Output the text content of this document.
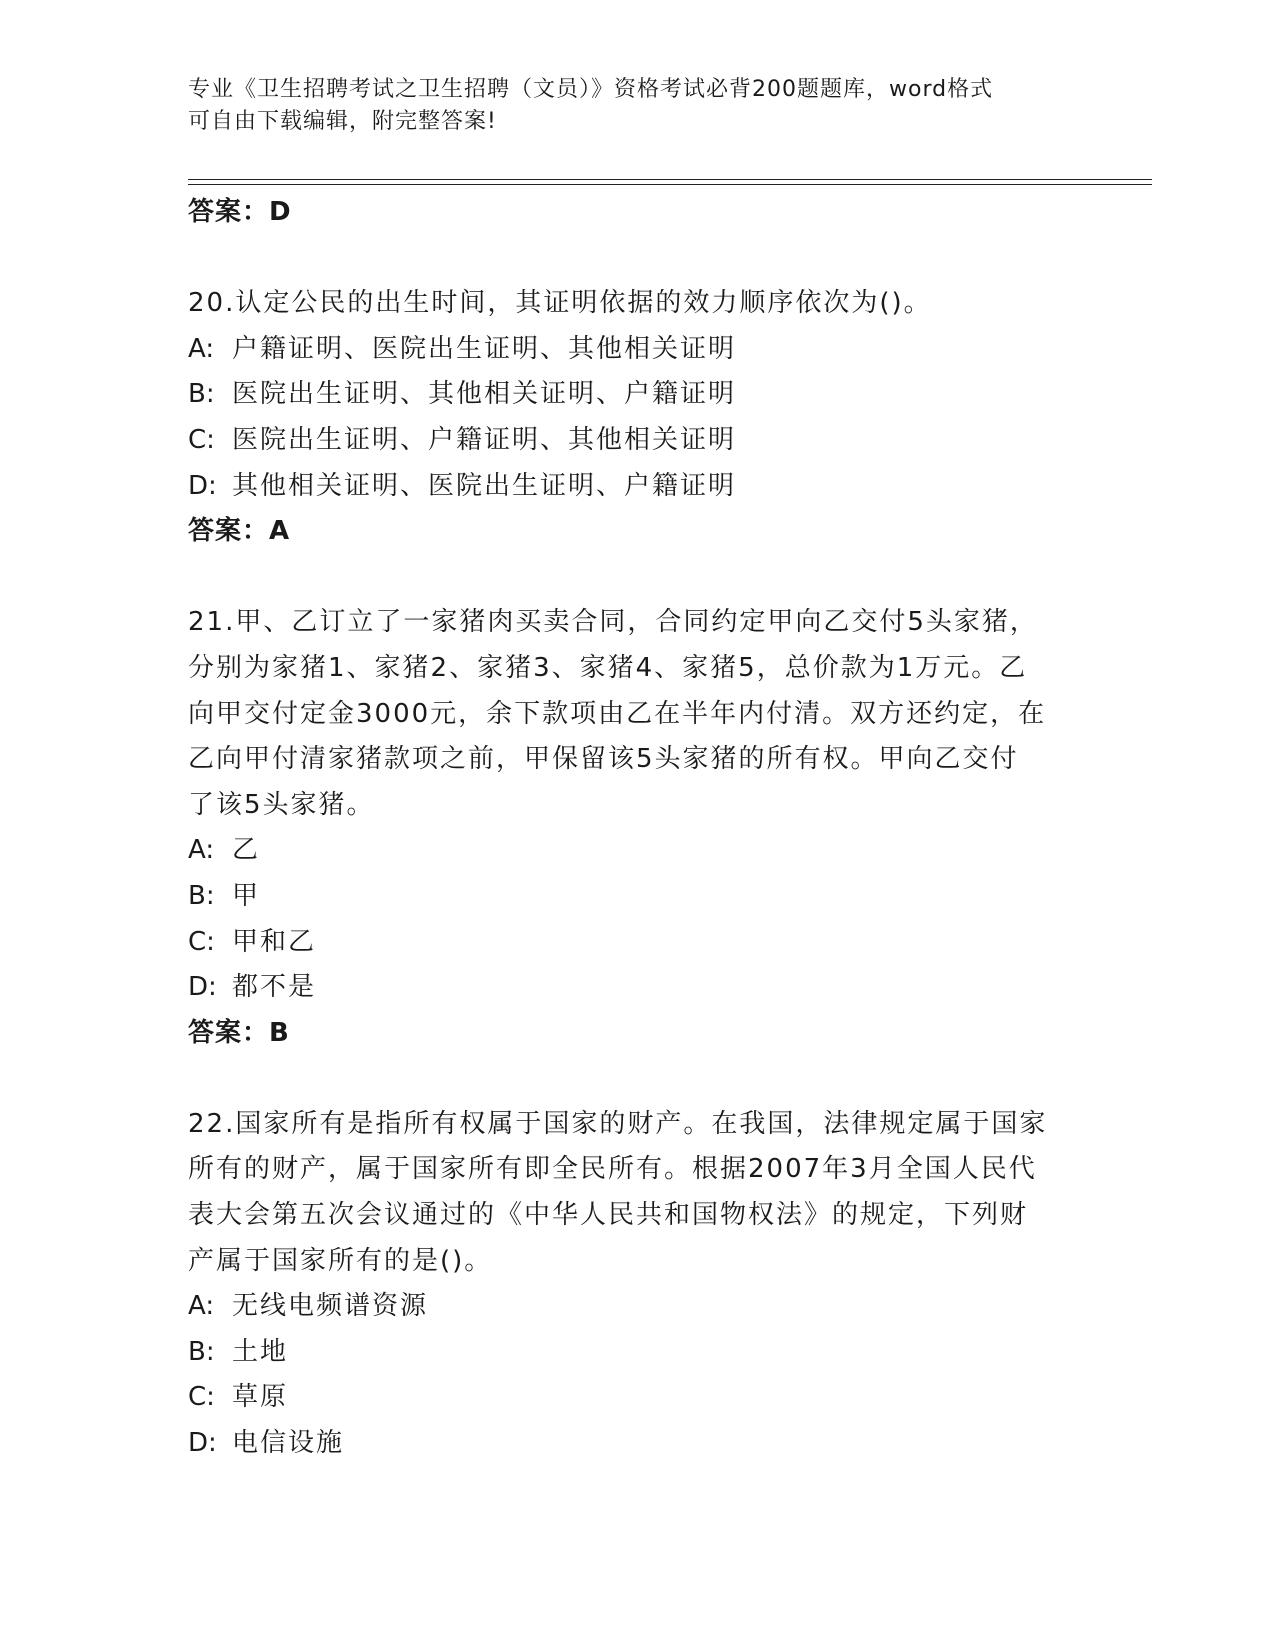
专业《卫生招聘考试之卫生招聘（文员）》资格考试必背200题题库，word格式
可自由下载编辑，附完整答案!
答案：D
20.认定公民的出生时间，其证明依据的效力顺序依次为()。
A: 户籍证明、医院出生证明、其他相关证明
B: 医院出生证明、其他相关证明、户籍证明
C: 医院出生证明、户籍证明、其他相关证明
D: 其他相关证明、医院出生证明、户籍证明
答案：A
21.甲、乙订立了一家猪肉买卖合同，合同约定甲向乙交付5头家猪，
分别为家猪1、家猪2、家猪3、家猪4、家猪5，总价款为1万元。乙
向甲交付定金3000元，余下款项由乙在半年内付清。双方还约定，在
乙向甲付清家猪款项之前，甲保留该5头家猪的所有权。甲向乙交付
了该5头家猪。
A: 乙
B: 甲
C: 甲和乙
D: 都不是
答案：B
22.国家所有是指所有权属于国家的财产。在我国，法律规定属于国家
所有的财产，属于国家所有即全民所有。根据2007年3月全国人民代
表大会第五次会议通过的《中华人民共和国物权法》的规定，下列财
产属于国家所有的是()。
A: 无线电频谱资源
B: 土地
C: 草原
D: 电信设施
